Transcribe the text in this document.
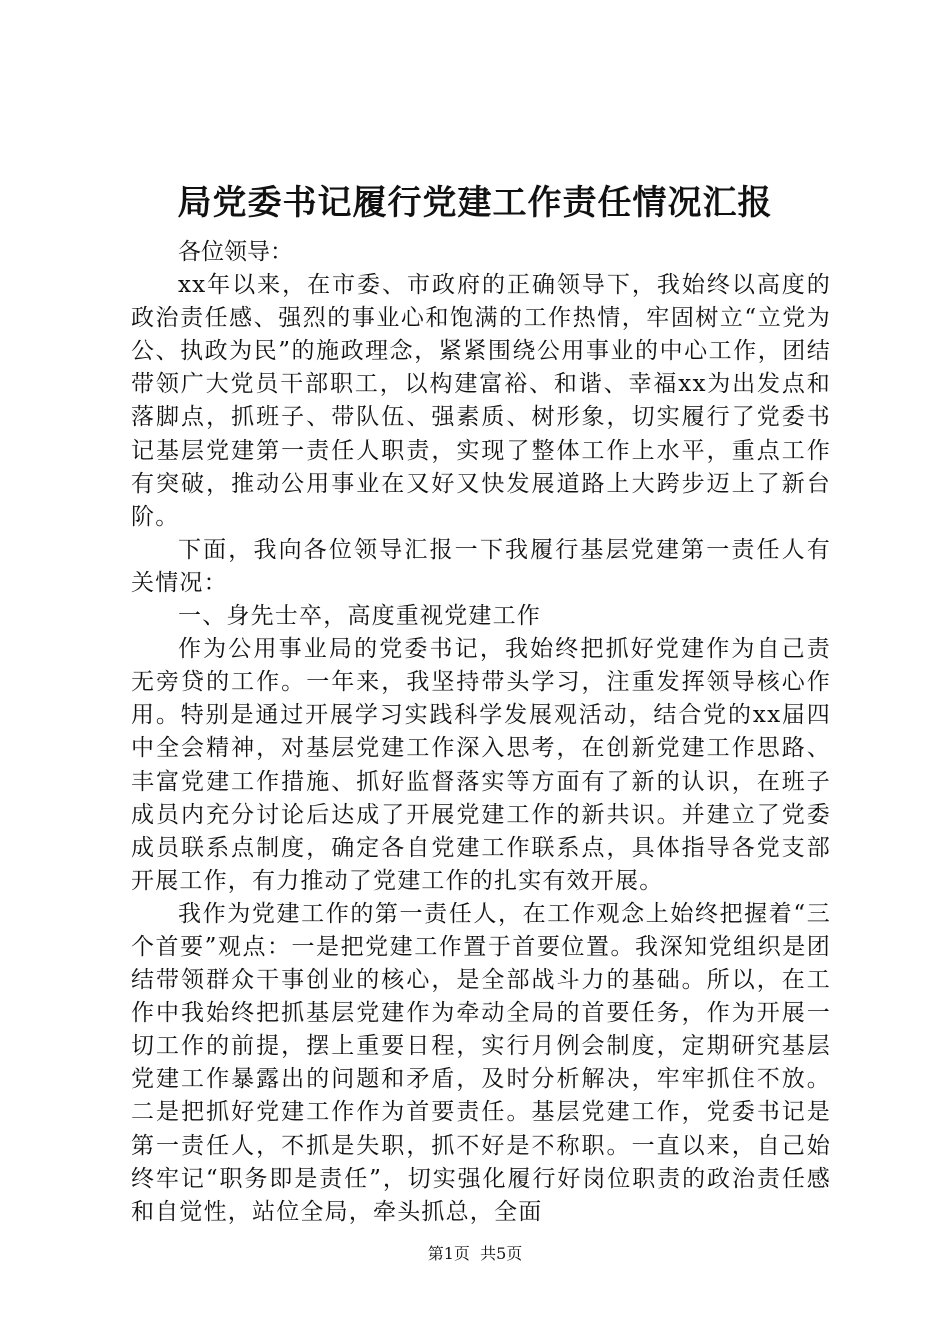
局党委书记履行党建工作责任情况汇报

各位领导：

xx年以来，在市委、市政府的正确领导下，我始终以高度的政治责任感、强烈的事业心和饱满的工作热情，牢固树立“立党为公、执政为民”的施政理念，紧紧围绕公用事业的中心工作，团结带领广大党员干部职工，以构建富裕、和谐、幸福xx为出发点和落脚点，抓班子、带队伍、强素质、树形象，切实履行了党委书记基层党建第一责任人职责，实现了整体工作上水平，重点工作有突破，推动公用事业在又好又快发展道路上大跨步迈上了新台阶。

下面，我向各位领导汇报一下我履行基层党建第一责任人有关情况：

一、身先士卒，高度重视党建工作

作为公用事业局的党委书记，我始终把抓好党建作为自己责无旁贷的工作。一年来，我坚持带头学习，注重发挥领导核心作用。特别是通过开展学习实践科学发展观活动，结合党的xx届四中全会精神，对基层党建工作深入思考，在创新党建工作思路、丰富党建工作措施、抓好监督落实等方面有了新的认识，在班子成员内充分讨论后达成了开展党建工作的新共识。并建立了党委成员联系点制度，确定各自党建工作联系点，具体指导各党支部开展工作，有力推动了党建工作的扎实有效开展。

我作为党建工作的第一责任人，在工作观念上始终把握着“三个首要”观点：一是把党建工作置于首要位置。我深知党组织是团结带领群众干事创业的核心，是全部战斗力的基础。所以，在工作中我始终把抓基层党建作为牵动全局的首要任务，作为开展一切工作的前提，摆上重要日程，实行月例会制度，定期研究基层党建工作暴露出的问题和矛盾，及时分析解决，牢牢抓住不放。二是把抓好党建工作作为首要责任。基层党建工作，党委书记是第一责任人，不抓是失职，抓不好是不称职。一直以来，自己始终牢记“职务即是责任”，切实强化履行好岗位职责的政治责任感和自觉性，站位全局，牵头抓总，全面

第1页 共5页
